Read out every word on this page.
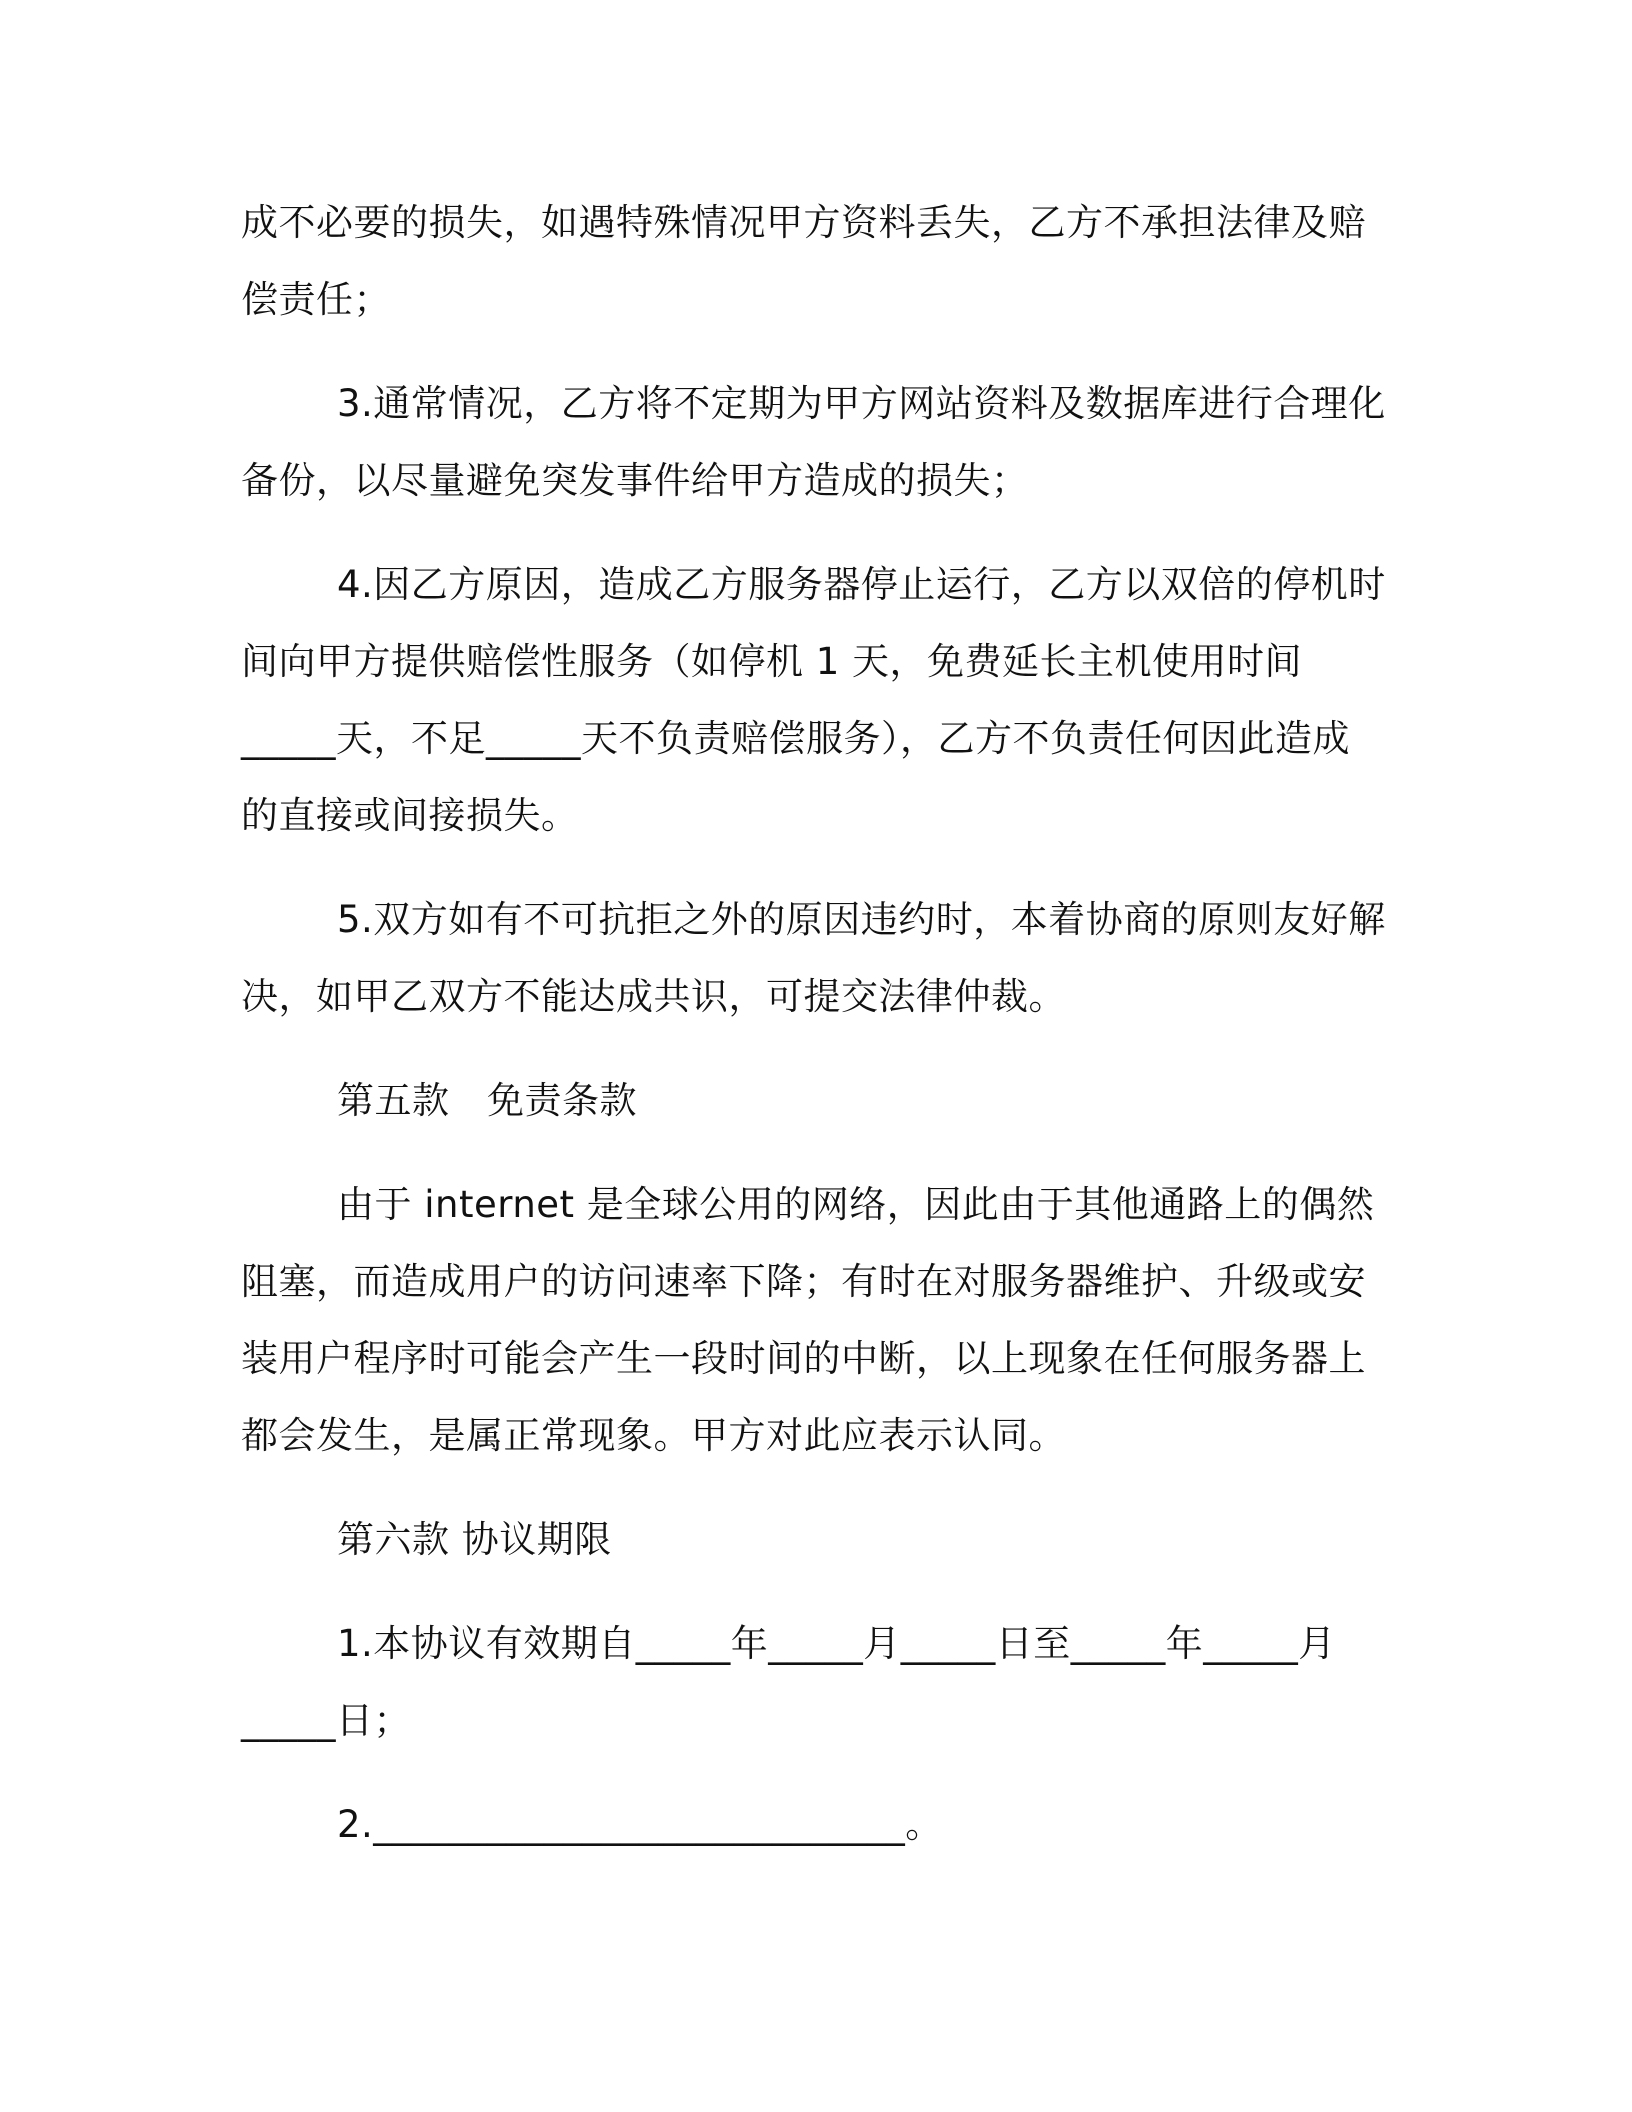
成不必要的损失，如遇特殊情况甲方资料丢失，乙方不承担法律及赔
偿责任；
3.通常情况，乙方将不定期为甲方网站资料及数据库进行合理化
备份，以尽量避免突发事件给甲方造成的损失；
4.因乙方原因，造成乙方服务器停止运行，乙方以双倍的停机时
间向甲方提供赔偿性服务（如停机 1 天，免费延长主机使用时间
_____天，不足_____天不负责赔偿服务），乙方不负责任何因此造成
的直接或间接损失。
5.双方如有不可抗拒之外的原因违约时，本着协商的原则友好解
决，如甲乙双方不能达成共识，可提交法律仲裁。
第五款　免责条款
由于 internet 是全球公用的网络，因此由于其他通路上的偶然
阻塞，而造成用户的访问速率下降；有时在对服务器维护、升级或安
装用户程序时可能会产生一段时间的中断，以上现象在任何服务器上
都会发生，是属正常现象。甲方对此应表示认同。
第六款 协议期限
1.本协议有效期自_____年_____月_____日至_____年_____月
_____日；
2.____________________________。
